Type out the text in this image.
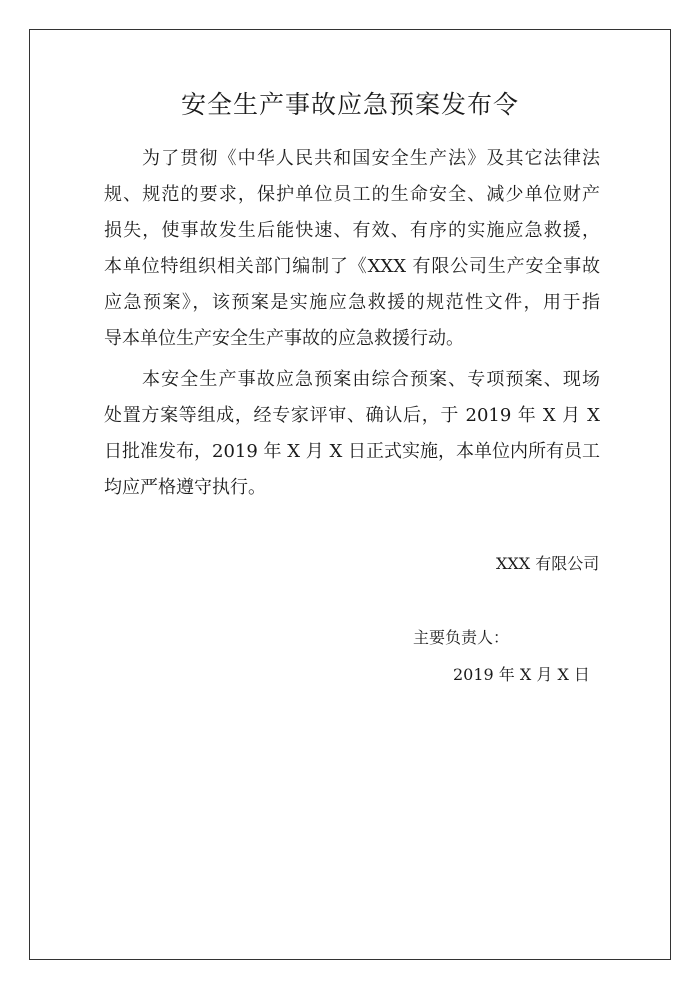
安全生产事故应急预案发布令
为了贯彻《中华人民共和国安全生产法》及其它法律法
规、规范的要求，保护单位员工的生命安全、减少单位财产
损失，使事故发生后能快速、有效、有序的实施应急救援，
本单位特组织相关部门编制了《XXX 有限公司生产安全事故
应急预案》，该预案是实施应急救援的规范性文件，用于指
导本单位生产安全生产事故的应急救援行动。
本安全生产事故应急预案由综合预案、专项预案、现场
处置方案等组成，经专家评审、确认后，于 2019 年 X 月 X
日批准发布，2019 年 X 月 X 日正式实施，本单位内所有员工
均应严格遵守执行。
XXX 有限公司
主要负责人：
2019 年 X 月 X 日
